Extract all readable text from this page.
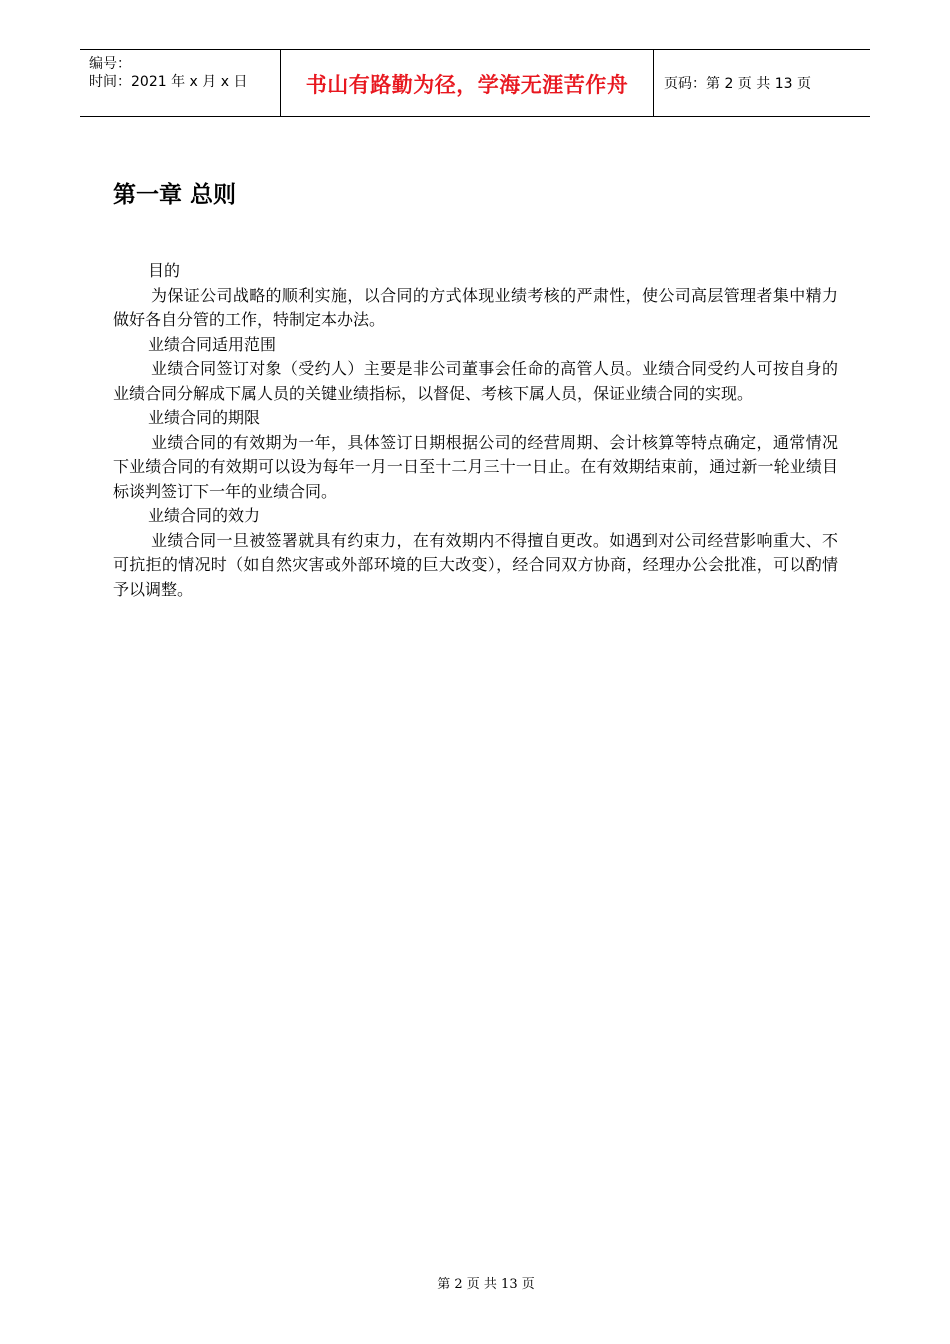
编号：
时间：2021 年 x 月 x 日	书山有路勤为径，学海无涯苦作舟	页码：第 2 页 共 13 页
第一章 总则

目的

为保证公司战略的顺利实施，以合同的方式体现业绩考核的严肃性，使公司高层管理者集中精力做好各自分管的工作，特制定本办法。

业绩合同适用范围

业绩合同签订对象（受约人）主要是非公司董事会任命的高管人员。业绩合同受约人可按自身的业绩合同分解成下属人员的关键业绩指标，以督促、考核下属人员，保证业绩合同的实现。

业绩合同的期限

业绩合同的有效期为一年，具体签订日期根据公司的经营周期、会计核算等特点确定，通常情况下业绩合同的有效期可以设为每年一月一日至十二月三十一日止。在有效期结束前，通过新一轮业绩目标谈判签订下一年的业绩合同。

业绩合同的效力

业绩合同一旦被签署就具有约束力，在有效期内不得擅自更改。如遇到对公司经营影响重大、不可抗拒的情况时（如自然灾害或外部环境的巨大改变），经合同双方协商，经理办公会批准，可以酌情予以调整。

第 2 页 共 13 页
